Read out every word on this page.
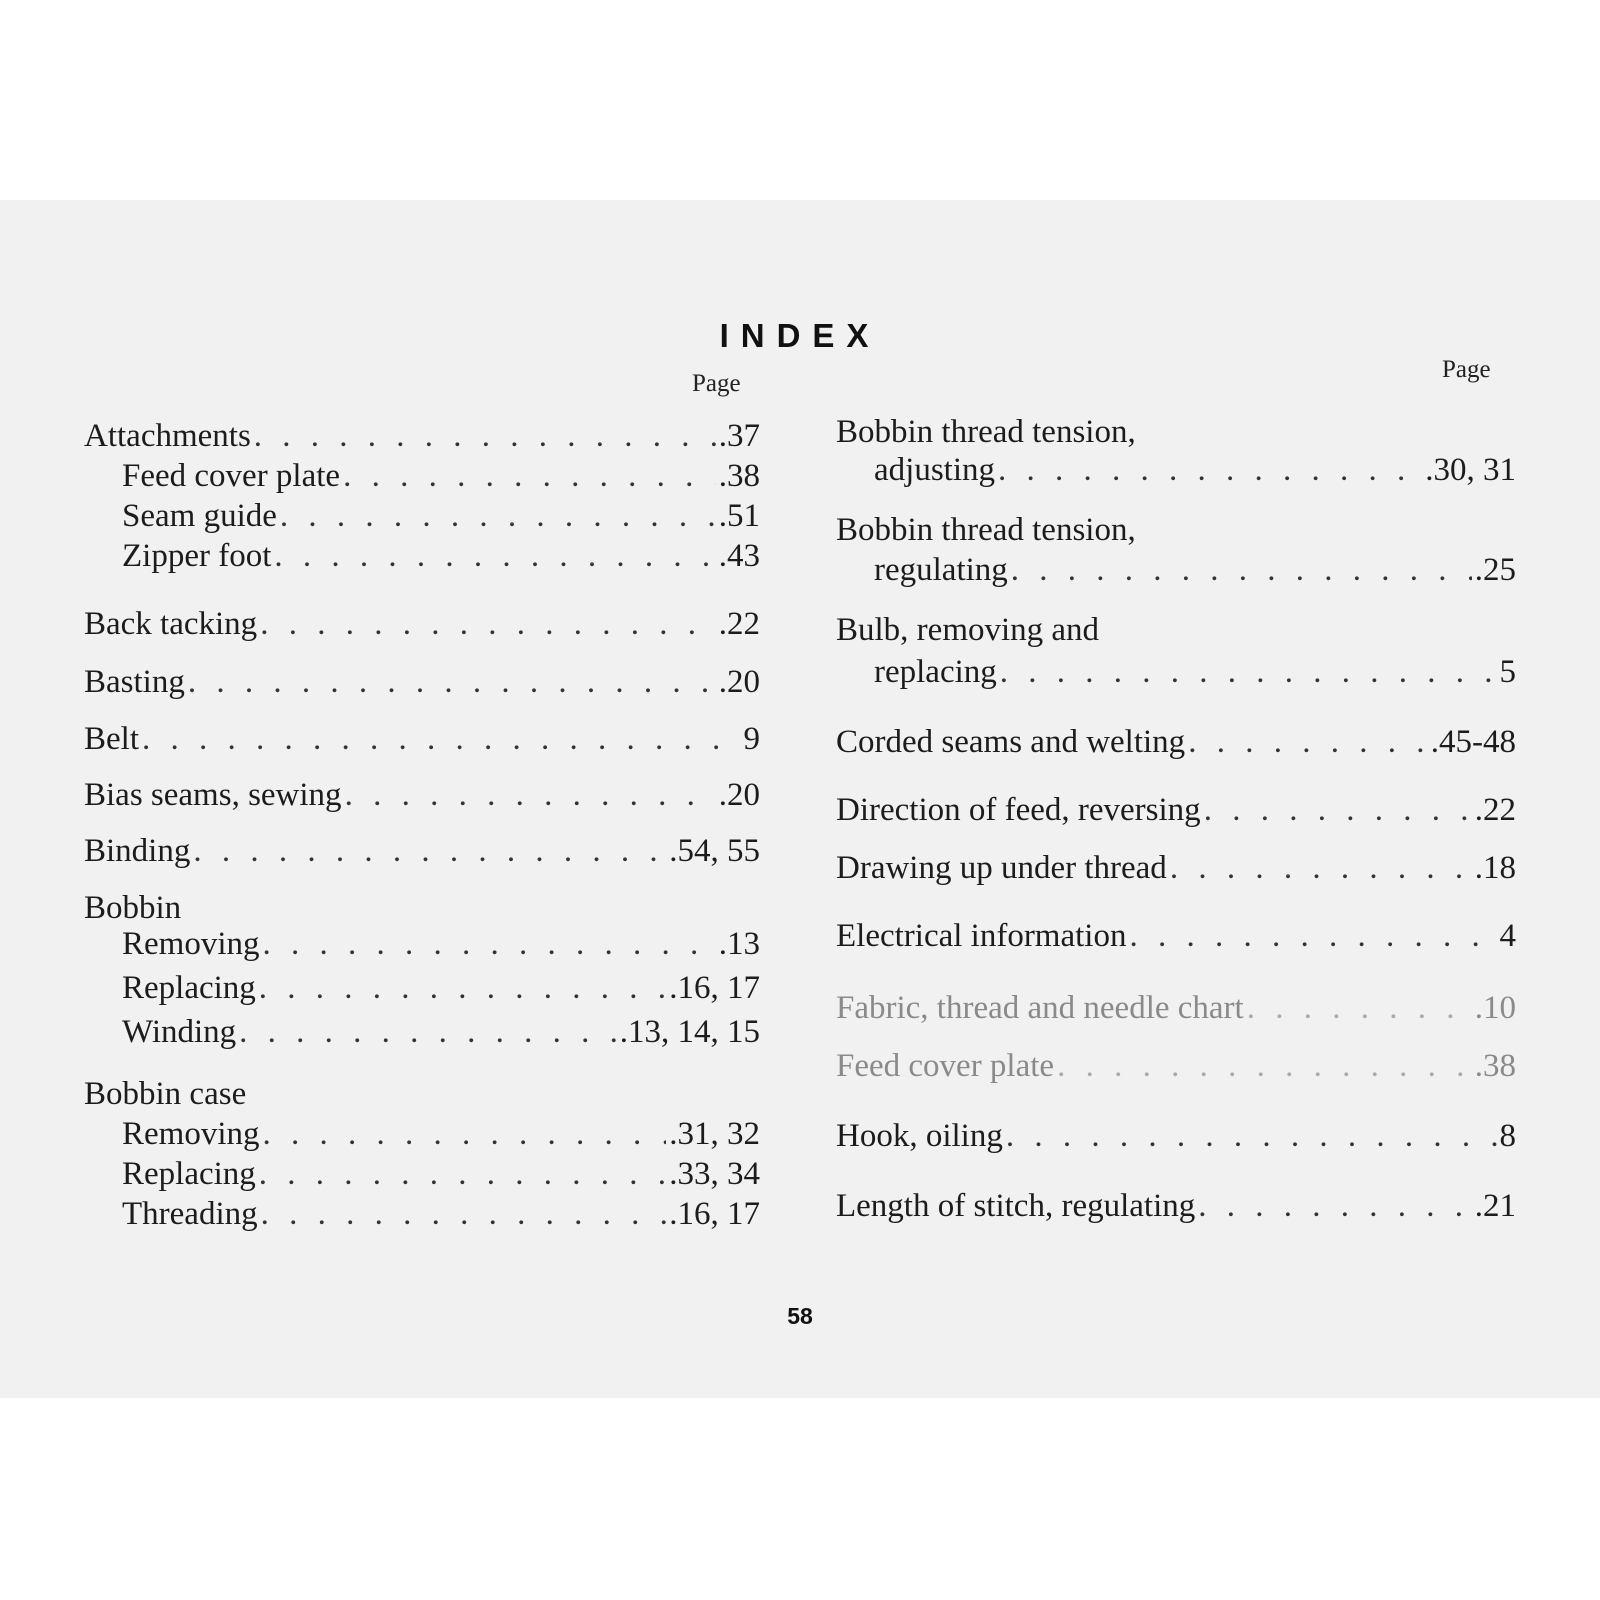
INDEX
Page
Page
Attachments . . .	.37
Feed cover plate . . .	.38
Seam guide . . .	.51
Zipper foot . . .	.43
Back tacking . . .	.22
Basting . . .	.20
Belt . . .	9
Bias seams, sewing . . .	.20
Binding . . .	.54, 55
Bobbin
Removing . . .	.13
Replacing . . .	.16, 17
Winding . . .	.13, 14, 15
Bobbin case
Removing . . .	.31, 32
Replacing . . .	.33, 34
Threading . . .	.16, 17
Bobbin thread tension,
adjusting . . .	.30, 31
Bobbin thread tension,
regulating . . .	.25
Bulb, removing and
replacing . . .	5
Corded seams and welting . . .	.45-48
Direction of feed, reversing . . .	.22
Drawing up under thread . . .	.18
Electrical information . . .	4
Fabric, thread and needle chart . . .	.10
Feed cover plate . . .	.38
Hook, oiling . . .	8
Length of stitch, regulating . . .	.21
58
